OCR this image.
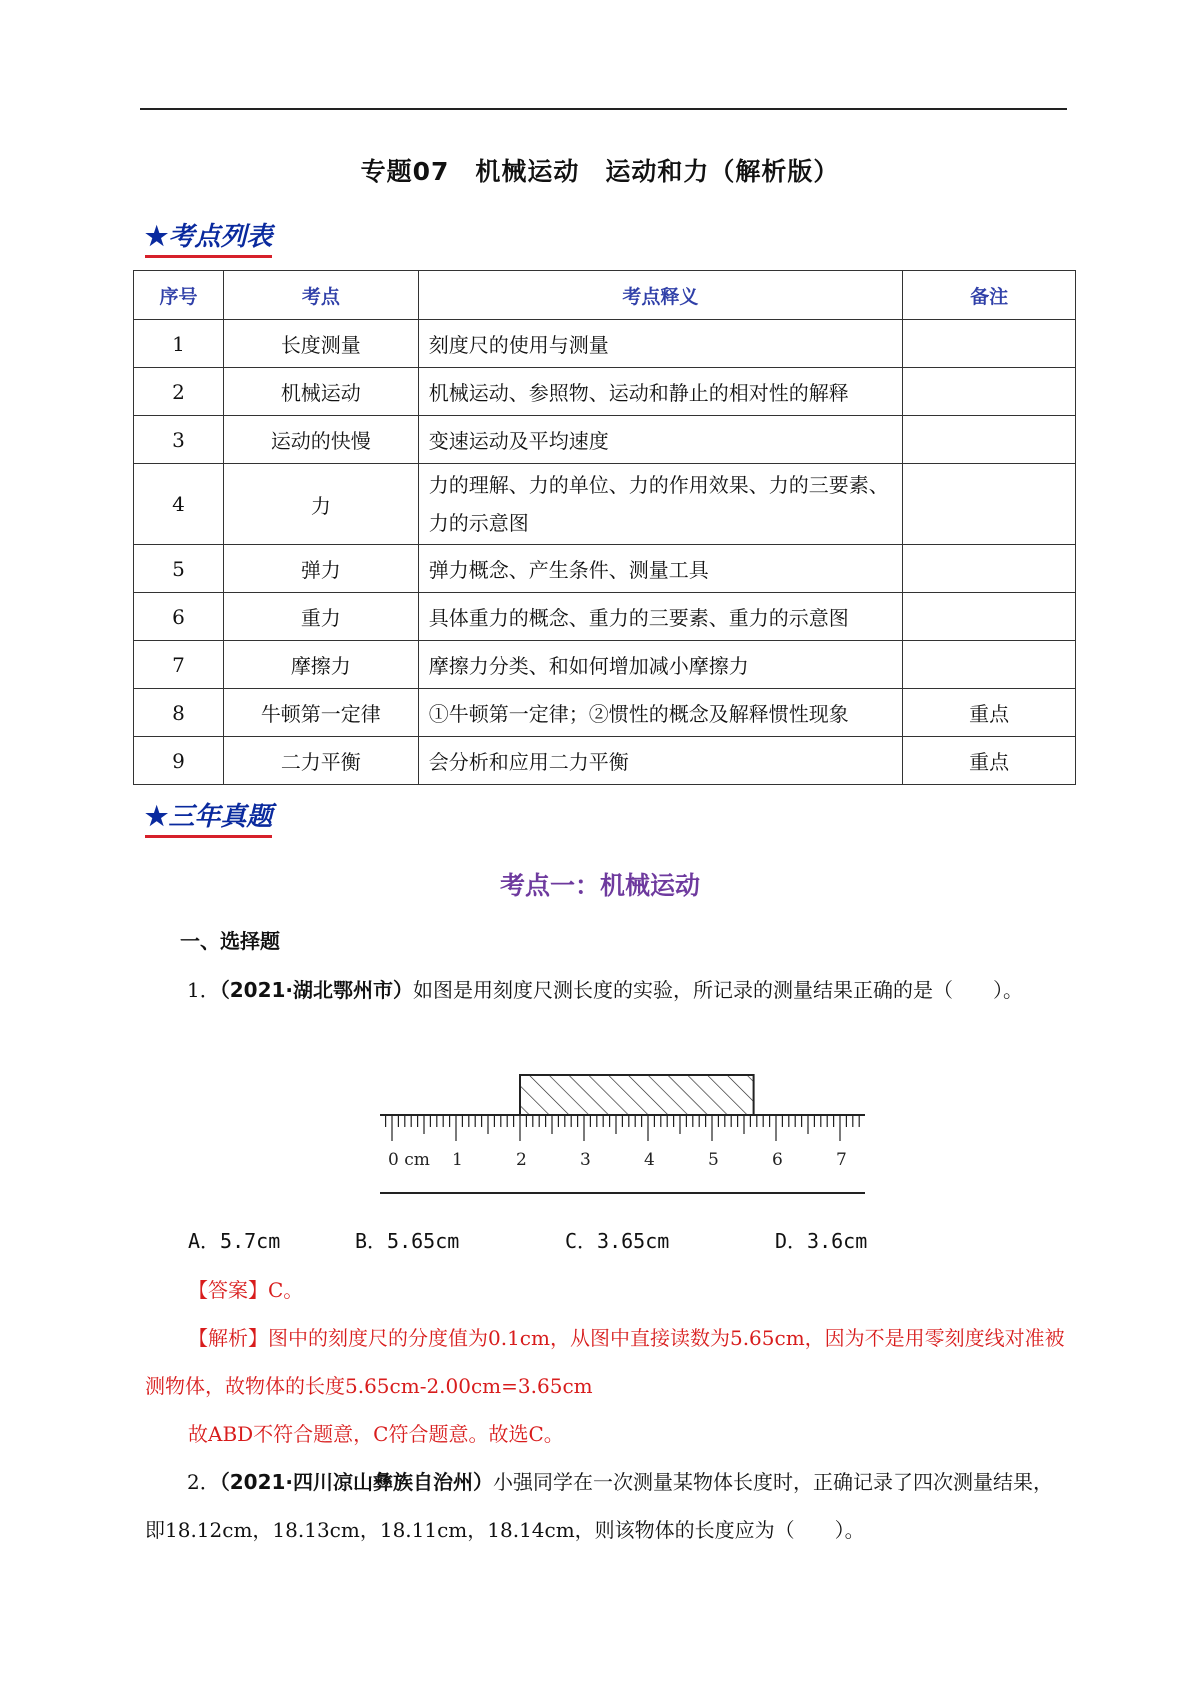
专题07　机械运动　运动和力（解析版）
★考点列表
序号	考点	考点释义	备注
1	长度测量	刻度尺的使用与测量	
2	机械运动	机械运动、参照物、运动和静止的相对性的解释	
3	运动的快慢	变速运动及平均速度	
4	力	力的理解、力的单位、力的作用效果、力的三要素、力的示意图	
5	弹力	弹力概念、产生条件、测量工具	
6	重力	具体重力的概念、重力的三要素、重力的示意图	
7	摩擦力	摩擦力分类、和如何增加减小摩擦力	
8	牛顿第一定律	①牛顿第一定律；②惯性的概念及解释惯性现象	重点
9	二力平衡	会分析和应用二力平衡	重点
★三年真题
考点一：机械运动
一、选择题
1．（2021·湖北鄂州市）如图是用刻度尺测长度的实验，所记录的测量结果正确的是（　　）。
0 cm 1	2	3	4	5	6	7
A．5.7cm	B．5.65cm	C．3.65cm	D．3.6cm
【答案】C。
【解析】图中的刻度尺的分度值为0.1cm，从图中直接读数为5.65cm，因为不是用零刻度线对准被测物体，故物体的长度5.65cm-2.00cm=3.65cm
故ABD不符合题意，C符合题意。故选C。
2．（2021·四川凉山彝族自治州）小强同学在一次测量某物体长度时，正确记录了四次测量结果，即18.12cm，18.13cm，18.11cm，18.14cm，则该物体的长度应为（　　）。
